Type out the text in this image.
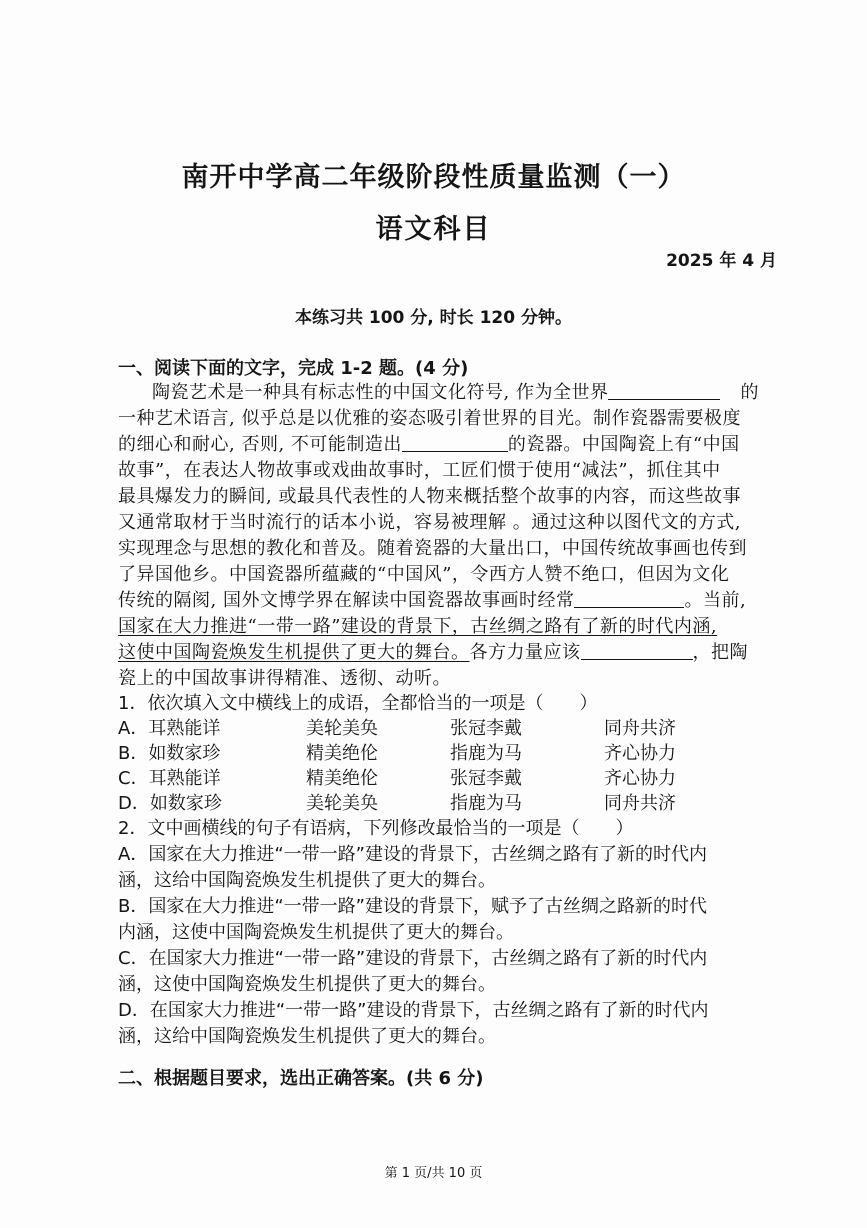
南开中学高二年级阶段性质量监测（一）
语文科目
2025 年 4 月
本练习共 100 分, 时长 120 分钟。
一、阅读下面的文字，完成 1-2 题。(4 分)
陶瓷艺术是一种具有标志性的中国文化符号, 作为全世界	的
一种艺术语言, 似乎总是以优雅的姿态吸引着世界的目光。制作瓷器需要极度
的细心和耐心, 否则, 不可能制造出	的瓷器。中国陶瓷上有“中国
故事”，在表达人物故事或戏曲故事时，工匠们惯于使用“减法”，抓住其中
最具爆发力的瞬间, 或最具代表性的人物来概括整个故事的内容，而这些故事
又通常取材于当时流行的话本小说，容易被理解 。通过这种以图代文的方式,
实现理念与思想的教化和普及。随着瓷器的大量出口，中国传统故事画也传到
了异国他乡。中国瓷器所蕴藏的“中国风”，令西方人赞不绝口，但因为文化
传统的隔阂, 国外文博学界在解读中国瓷器故事画时经常	。当前,
国家在大力推进“一带一路”建设的背景下，古丝绸之路有了新的时代内涵,
这使中国陶瓷焕发生机提供了更大的舞台。各方力量应该	，把陶
瓷上的中国故事讲得精准、透彻、动听。
1．依次填入文中横线上的成语，全都恰当的一项是（　　）
A．耳熟能详	美轮美奂	张冠李戴	同舟共济
B．如数家珍	精美绝伦	指鹿为马	齐心协力
C．耳熟能详	精美绝伦	张冠李戴	齐心协力
D．如数家珍	美轮美奂	指鹿为马	同舟共济
2．文中画横线的句子有语病，下列修改最恰当的一项是（　　）
A．国家在大力推进“一带一路”建设的背景下，古丝绸之路有了新的时代内
涵，这给中国陶瓷焕发生机提供了更大的舞台。
B．国家在大力推进“一带一路”建设的背景下，赋予了古丝绸之路新的时代
内涵，这使中国陶瓷焕发生机提供了更大的舞台。
C．在国家大力推进“一带一路”建设的背景下，古丝绸之路有了新的时代内
涵，这使中国陶瓷焕发生机提供了更大的舞台。
D．在国家大力推进“一带一路”建设的背景下，古丝绸之路有了新的时代内
涵，这给中国陶瓷焕发生机提供了更大的舞台。
二、根据题目要求，选出正确答案。(共 6 分)
第 1 页/共 10 页
